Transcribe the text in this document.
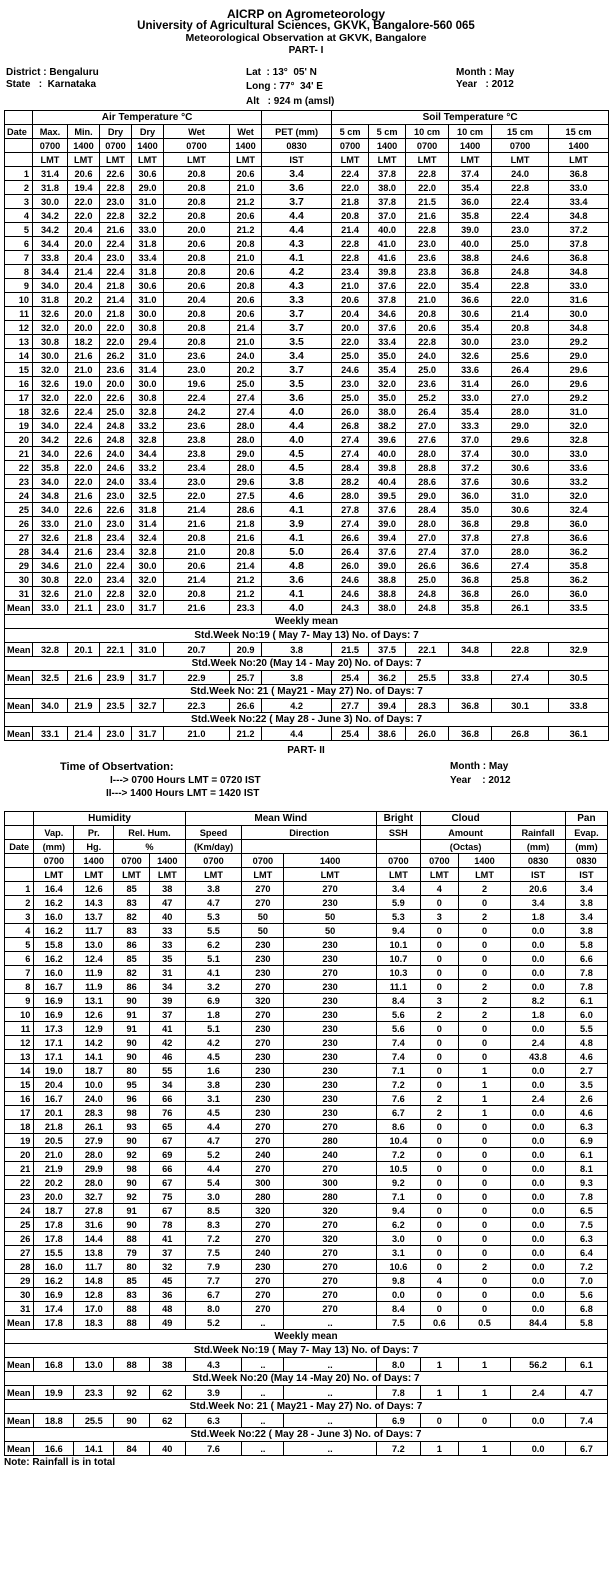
AICRP on Agrometeorology
University of Agricultural Sciences, GKVK, Bangalore-560 065
Meteorological Observation at GKVK, Bangalore
PART- I
District : Bengaluru
State   :  Karnataka
Lat  : 13°  05' N
Long : 77°  34' E
Alt   : 924 m (amsl)
Month : May
Year   : 2012
	Air Temperature °C							Soil Temperature °C					
Date	Max.	Min.	Dry	Dry	Wet	Wet	PET (mm)	5 cm	5 cm	10 cm	10 cm	15 cm	15 cm
	0700	1400	0700	1400	0700	1400	0830	0700	1400	0700	1400	0700	1400
	LMT	LMT	LMT	LMT	LMT	LMT	IST	LMT	LMT	LMT	LMT	LMT	LMT
1	31.4	20.6	22.6	30.6	20.8	20.6	3.4	22.4	37.8	22.8	37.4	24.0	36.8
2	31.8	19.4	22.8	29.0	20.8	21.0	3.6	22.0	38.0	22.0	35.4	22.8	33.0
3	30.0	22.0	23.0	31.0	20.8	21.2	3.7	21.8	37.8	21.5	36.0	22.4	33.4
4	34.2	22.0	22.8	32.2	20.8	20.6	4.4	20.8	37.0	21.6	35.8	22.4	34.8
5	34.2	20.4	21.6	33.0	20.0	21.2	4.4	21.4	40.0	22.8	39.0	23.0	37.2
6	34.4	20.0	22.4	31.8	20.6	20.8	4.3	22.8	41.0	23.0	40.0	25.0	37.8
7	33.8	20.4	23.0	33.4	20.8	21.0	4.1	22.8	41.6	23.6	38.8	24.6	36.8
8	34.4	21.4	22.4	31.8	20.8	20.6	4.2	23.4	39.8	23.8	36.8	24.8	34.8
9	34.0	20.4	21.8	30.6	20.6	20.8	4.3	21.0	37.6	22.0	35.4	22.8	33.0
10	31.8	20.2	21.4	31.0	20.4	20.6	3.3	20.6	37.8	21.0	36.6	22.0	31.6
11	32.6	20.0	21.8	30.0	20.8	20.6	3.7	20.4	34.6	20.8	30.6	21.4	30.0
12	32.0	20.0	22.0	30.8	20.8	21.4	3.7	20.0	37.6	20.6	35.4	20.8	34.8
13	30.8	18.2	22.0	29.4	20.8	21.0	3.5	22.0	33.4	22.8	30.0	23.0	29.2
14	30.0	21.6	26.2	31.0	23.6	24.0	3.4	25.0	35.0	24.0	32.6	25.6	29.0
15	32.0	21.0	23.6	31.4	23.0	20.2	3.7	24.6	35.4	25.0	33.6	26.4	29.6
16	32.6	19.0	20.0	30.0	19.6	25.0	3.5	23.0	32.0	23.6	31.4	26.0	29.6
17	32.0	22.0	22.6	30.8	22.4	27.4	3.6	25.0	35.0	25.2	33.0	27.0	29.2
18	32.6	22.4	25.0	32.8	24.2	27.4	4.0	26.0	38.0	26.4	35.4	28.0	31.0
19	34.0	22.4	24.8	33.2	23.6	28.0	4.4	26.8	38.2	27.0	33.3	29.0	32.0
20	34.2	22.6	24.8	32.8	23.8	28.0	4.0	27.4	39.6	27.6	37.0	29.6	32.8
21	34.0	22.6	24.0	34.4	23.8	29.0	4.5	27.4	40.0	28.0	37.4	30.0	33.0
22	35.8	22.0	24.6	33.2	23.4	28.0	4.5	28.4	39.8	28.8	37.2	30.6	33.6
23	34.0	22.0	24.0	33.4	23.0	29.6	3.8	28.2	40.4	28.6	37.6	30.6	33.2
24	34.8	21.6	23.0	32.5	22.0	27.5	4.6	28.0	39.5	29.0	36.0	31.0	32.0
25	34.0	22.6	22.6	31.8	21.4	28.6	4.1	27.8	37.6	28.4	35.0	30.6	32.4
26	33.0	21.0	23.0	31.4	21.6	21.8	3.9	27.4	39.0	28.0	36.8	29.8	36.0
27	32.6	21.8	23.4	32.4	20.8	21.6	4.1	26.6	39.4	27.0	37.8	27.8	36.6
28	34.4	21.6	23.4	32.8	21.0	20.8	5.0	26.4	37.6	27.4	37.0	28.0	36.2
29	34.6	21.0	22.4	30.0	20.6	21.4	4.8	26.0	39.0	26.6	36.6	27.4	35.8
30	30.8	22.0	23.4	32.0	21.4	21.2	3.6	24.6	38.8	25.0	36.8	25.8	36.2
31	32.6	21.0	22.8	32.0	20.8	21.2	4.1	24.6	38.8	24.8	36.8	26.0	36.0
Mean	33.0	21.1	23.0	31.7	21.6	23.3	4.0	24.3	38.0	24.8	35.8	26.1	33.5
Weekly mean													
Std.Week No:19 ( May 7- May 13) No. of Days: 7													
Mean	32.8	20.1	22.1	31.0	20.7	20.9	3.8	21.5	37.5	22.1	34.8	22.8	32.9
Std.Week No:20 (May 14 - May 20) No. of Days: 7													
Mean	32.5	21.6	23.9	31.7	22.9	25.7	3.8	25.4	36.2	25.5	33.8	27.4	30.5
Std.Week No: 21 ( May21 - May 27) No. of Days: 7													
Mean	34.0	21.9	23.5	32.7	22.3	26.6	4.2	27.7	39.4	28.3	36.8	30.1	33.8
Std.Week No:22 ( May 28 - June 3) No. of Days: 7													
Mean	33.1	21.4	23.0	31.7	21.0	21.2	4.4	25.4	38.6	26.0	36.8	26.8	36.1
PART- II
Time of Obsertvation:
I---> 0700 Hours LMT = 0720 IST
II---> 1400 Hours LMT = 1420 IST
Month : May
Year    : 2012
	Humidity				Mean Wind			Bright	Cloud			Pan
	Vap.	Pr.	Rel. Hum.		Speed	Direction		SSH	Amount		Rainfall	Evap.
Date	(mm)	Hg.	%		(Km/day)				(Octas)		(mm)	(mm)
	0700	1400	0700	1400	0700	0700	1400	0700	0700	1400	0830	0830
	LMT	LMT	LMT	LMT	LMT	LMT	LMT	LMT	LMT	LMT	IST	IST
1	16.4	12.6	85	38	3.8	270	270	3.4	4	2	20.6	3.4
2	16.2	14.3	83	47	4.7	270	230	5.9	0	0	3.4	3.8
3	16.0	13.7	82	40	5.3	50	50	5.3	3	2	1.8	3.4
4	16.2	11.7	83	33	5.5	50	50	9.4	0	0	0.0	3.8
5	15.8	13.0	86	33	6.2	230	230	10.1	0	0	0.0	5.8
6	16.2	12.4	85	35	5.1	230	230	10.7	0	0	0.0	6.6
7	16.0	11.9	82	31	4.1	230	270	10.3	0	0	0.0	7.8
8	16.7	11.9	86	34	3.2	270	230	11.1	0	2	0.0	7.8
9	16.9	13.1	90	39	6.9	320	230	8.4	3	2	8.2	6.1
10	16.9	12.6	91	37	1.8	270	230	5.6	2	2	1.8	6.0
11	17.3	12.9	91	41	5.1	230	230	5.6	0	0	0.0	5.5
12	17.1	14.2	90	42	4.2	270	230	7.4	0	0	2.4	4.8
13	17.1	14.1	90	46	4.5	230	230	7.4	0	0	43.8	4.6
14	19.0	18.7	80	55	1.6	230	230	7.1	0	1	0.0	2.7
15	20.4	10.0	95	34	3.8	230	230	7.2	0	1	0.0	3.5
16	16.7	24.0	96	66	3.1	230	230	7.6	2	1	2.4	2.6
17	20.1	28.3	98	76	4.5	230	230	6.7	2	1	0.0	4.6
18	21.8	26.1	93	65	4.4	270	270	8.6	0	0	0.0	6.3
19	20.5	27.9	90	67	4.7	270	280	10.4	0	0	0.0	6.9
20	21.0	28.0	92	69	5.2	240	240	7.2	0	0	0.0	6.1
21	21.9	29.9	98	66	4.4	270	270	10.5	0	0	0.0	8.1
22	20.2	28.0	90	67	5.4	300	300	9.2	0	0	0.0	9.3
23	20.0	32.7	92	75	3.0	280	280	7.1	0	0	0.0	7.8
24	18.7	27.8	91	67	8.5	320	320	9.4	0	0	0.0	6.5
25	17.8	31.6	90	78	8.3	270	270	6.2	0	0	0.0	7.5
26	17.8	14.4	88	41	7.2	270	320	3.0	0	0	0.0	6.3
27	15.5	13.8	79	37	7.5	240	270	3.1	0	0	0.0	6.4
28	16.0	11.7	80	32	7.9	230	270	10.6	0	2	0.0	7.2
29	16.2	14.8	85	45	7.7	270	270	9.8	4	0	0.0	7.0
30	16.9	12.8	83	36	6.7	270	270	0.0	0	0	0.0	5.6
31	17.4	17.0	88	48	8.0	270	270	8.4	0	0	0.0	6.8
Mean	17.8	18.3	88	49	5.2	..	..	7.5	0.6	0.5	84.4	5.8
Weekly mean												
Std.Week No:19 ( May 7- May 13) No. of Days: 7												
Mean	16.8	13.0	88	38	4.3	..	..	8.0	1	1	56.2	6.1
Std.Week No:20 (May 14 -May 20) No. of Days: 7												
Mean	19.9	23.3	92	62	3.9	..	..	7.8	1	1	2.4	4.7
Std.Week No: 21 ( May21 - May 27) No. of Days: 7												
Mean	18.8	25.5	90	62	6.3	..	..	6.9	0	0	0.0	7.4
Std.Week No:22 ( May 28 - June 3) No. of Days: 7												
Mean	16.6	14.1	84	40	7.6	..	..	7.2	1	1	0.0	6.7
Note: Rainfall is in total
